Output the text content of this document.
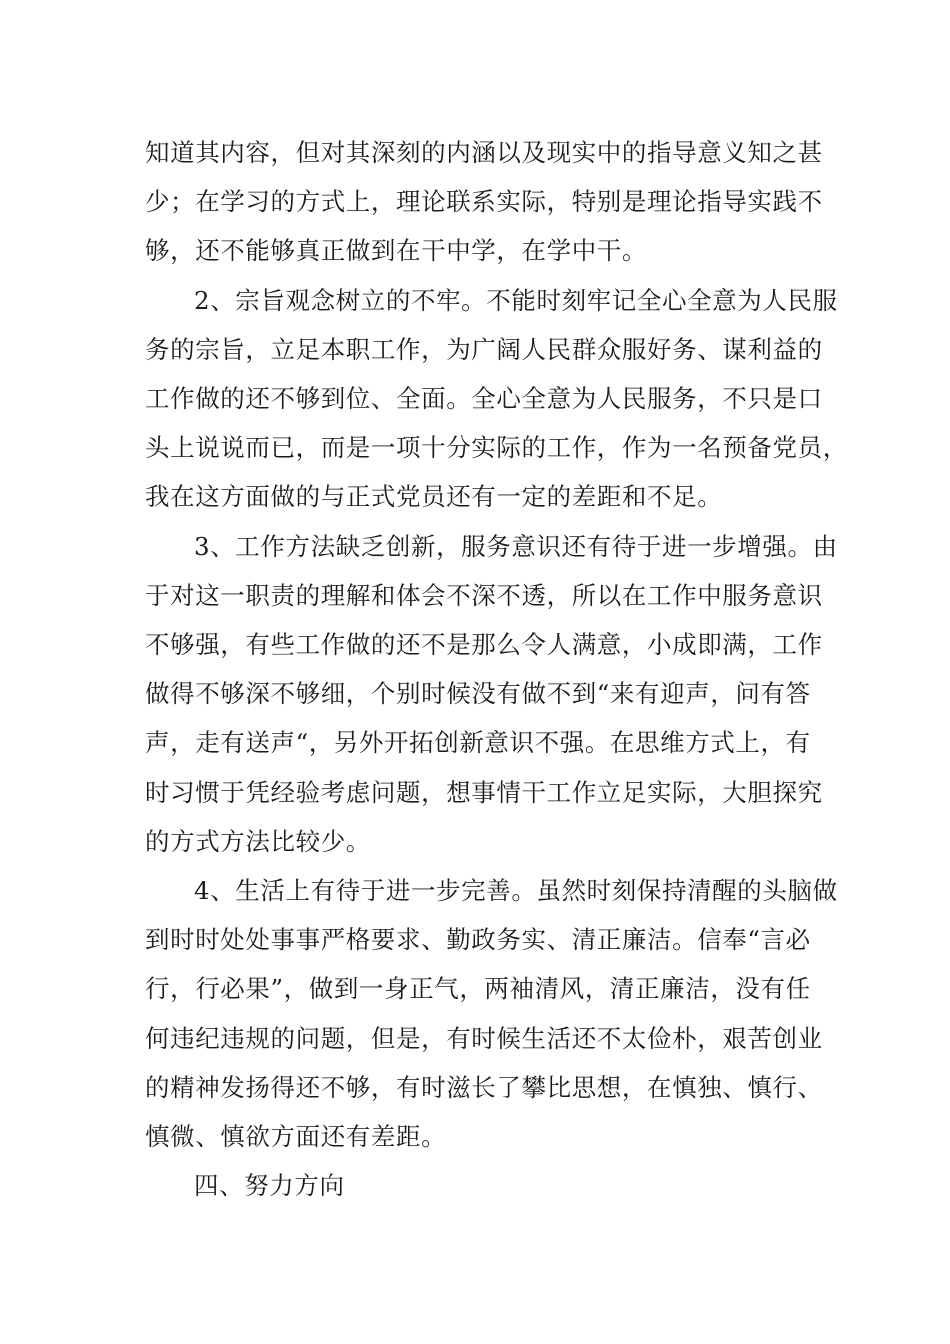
知道其内容，但对其深刻的内涵以及现实中的指导意义知之甚
少；在学习的方式上，理论联系实际，特别是理论指导实践不
够，还不能够真正做到在干中学，在学中干。

2、宗旨观念树立的不牢。不能时刻牢记全心全意为人民服
务的宗旨，立足本职工作，为广阔人民群众服好务、谋利益的
工作做的还不够到位、全面。全心全意为人民服务，不只是口
头上说说而已，而是一项十分实际的工作，作为一名预备党员，
我在这方面做的与正式党员还有一定的差距和不足。

3、工作方法缺乏创新，服务意识还有待于进一步增强。由
于对这一职责的理解和体会不深不透，所以在工作中服务意识
不够强，有些工作做的还不是那么令人满意，小成即满，工作
做得不够深不够细，个别时候没有做不到“来有迎声，问有答
声，走有送声“，另外开拓创新意识不强。在思维方式上，有
时习惯于凭经验考虑问题，想事情干工作立足实际，大胆探究
的方式方法比较少。

4、生活上有待于进一步完善。虽然时刻保持清醒的头脑做
到时时处处事事严格要求、勤政务实、清正廉洁。信奉“言必
行，行必果”，做到一身正气，两袖清风，清正廉洁，没有任
何违纪违规的问题，但是，有时候生活还不太俭朴，艰苦创业
的精神发扬得还不够，有时滋长了攀比思想，在慎独、慎行、
慎微、慎欲方面还有差距。

四、努力方向
